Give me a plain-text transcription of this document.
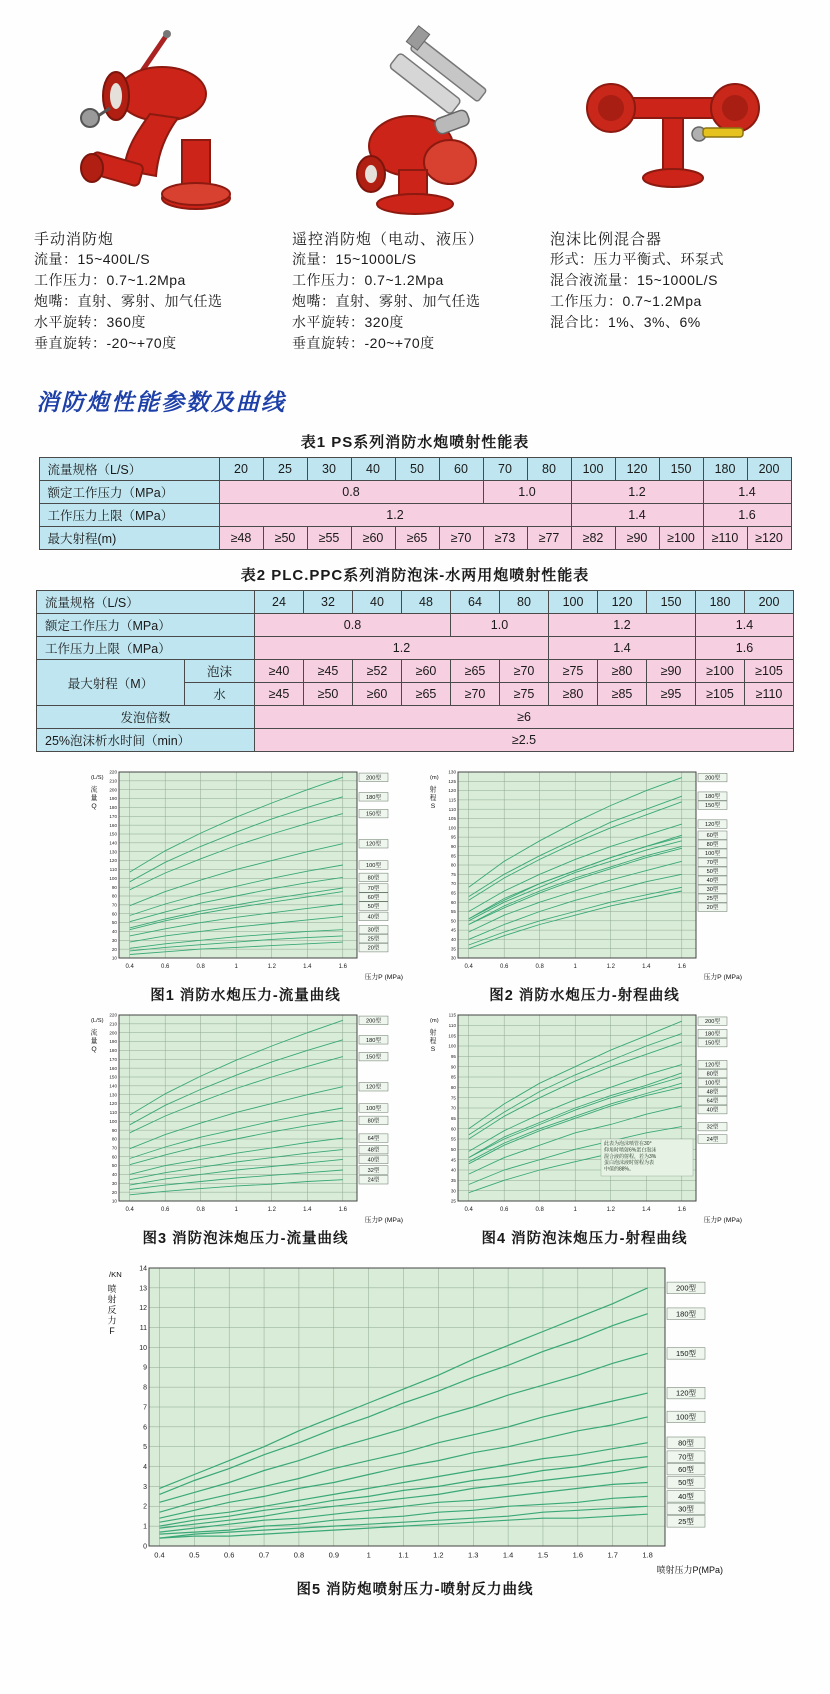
手动消防炮
流量：15~400L/S
工作压力：0.7~1.2Mpa
炮嘴：直射、雾射、加气任选
水平旋转：360度
垂直旋转：-20~+70度
遥控消防炮（电动、液压）
流量：15~1000L/S
工作压力：0.7~1.2Mpa
炮嘴：直射、雾射、加气任选
水平旋转：320度
垂直旋转：-20~+70度
泡沫比例混合器
形式：压力平衡式、环泵式
混合液流量：15~1000L/S
工作压力：0.7~1.2Mpa
混合比：1%、3%、6%
消防炮性能参数及曲线
表1 PS系列消防水炮喷射性能表
流量规格（L/S）	20	25	30	40	50	60	70	80	100	120	150	180	200
额定工作压力（MPa）	0.8						1.0		1.2			1.4	
工作压力上限（MPa）	1.2								1.4			1.6	
最大射程(m)	≥48	≥50	≥55	≥60	≥65	≥70	≥73	≥77	≥82	≥90	≥100	≥110	≥120
表2 PLC.PPC系列消防泡沫-水两用炮喷射性能表
流量规格（L/S）		24	32	40	48	64	80	100	120	150	180	200
额定工作压力（MPa）		0.8				1.0		1.2			1.4	
工作压力上限（MPa）		1.2						1.4			1.6	
最大射程（M）	泡沫	≥40	≥45	≥52	≥60	≥65	≥70	≥75	≥80	≥90	≥100	≥105
	水	≥45	≥50	≥60	≥65	≥70	≥75	≥80	≥85	≥95	≥105	≥110
发泡倍数		≥6										
25%泡沫析水时间（min）		≥2.5										
10
20
30
40
50
60
70
80
90
100
110
120
130
140
150
160
170
180
190
200
210
220
0.4	0.6	0.8	1	1.2	1.4	1.6
200型
180型
150型
120型
100型
80型
70型
60型
50型
40型
30型
25型
20型
(L/S)
流
量
Q
压力P (MPa)
图1 消防水炮压力-流量曲线
30
35
40
45
50
55
60
65
70
75
80
85
90
95
100
105
110
115
120
125
130
0.4	0.6	0.8	1	1.2	1.4	1.6
200型
180型
150型
120型
60型
80型
100型
70型
50型
40型
30型
25型
20型
(m)
射
程
S
压力P (MPa)
图2 消防水炮压力-射程曲线
10
20
30
40
50
60
70
80
90
100
110
120
130
140
150
160
170
180
190
200
210
220
0.4	0.6	0.8	1	1.2	1.4	1.6
200型
180型
150型
120型
100型
80型
64型
48型
40型
32型
24型
(L/S)
流
量
Q
压力P (MPa)
图3 消防泡沫炮压力-流量曲线
25
30
35
40
45
50
55
60
65
70
75
80
85
90
95
100
105
110
115
0.4	0.6	0.8	1	1.2	1.4	1.6
此表为泡沫喷管在30°
仰角时喷射6%蛋白泡沫
混合液的射程，若为3%
蛋白泡沫液时射程为表
中值的88%。
200型
180型
150型
120型
80型
100型
48型
64型
40型
32型
24型
(m)
射
程
S
压力P (MPa)
图4 消防泡沫炮压力-射程曲线
0
1
2
3
4
5
6
7
8
9
10
11
12
13
14
0.4	0.5	0.6	0.7	0.8	0.9	1	1.1	1.2	1.3	1.4	1.5	1.6	1.7	1.8
200型
180型
150型
120型
100型
80型
70型
60型
50型
40型
30型
25型
/KN
喷
射
反
力
F
喷射压力P(MPa)
图5 消防炮喷射压力-喷射反力曲线
